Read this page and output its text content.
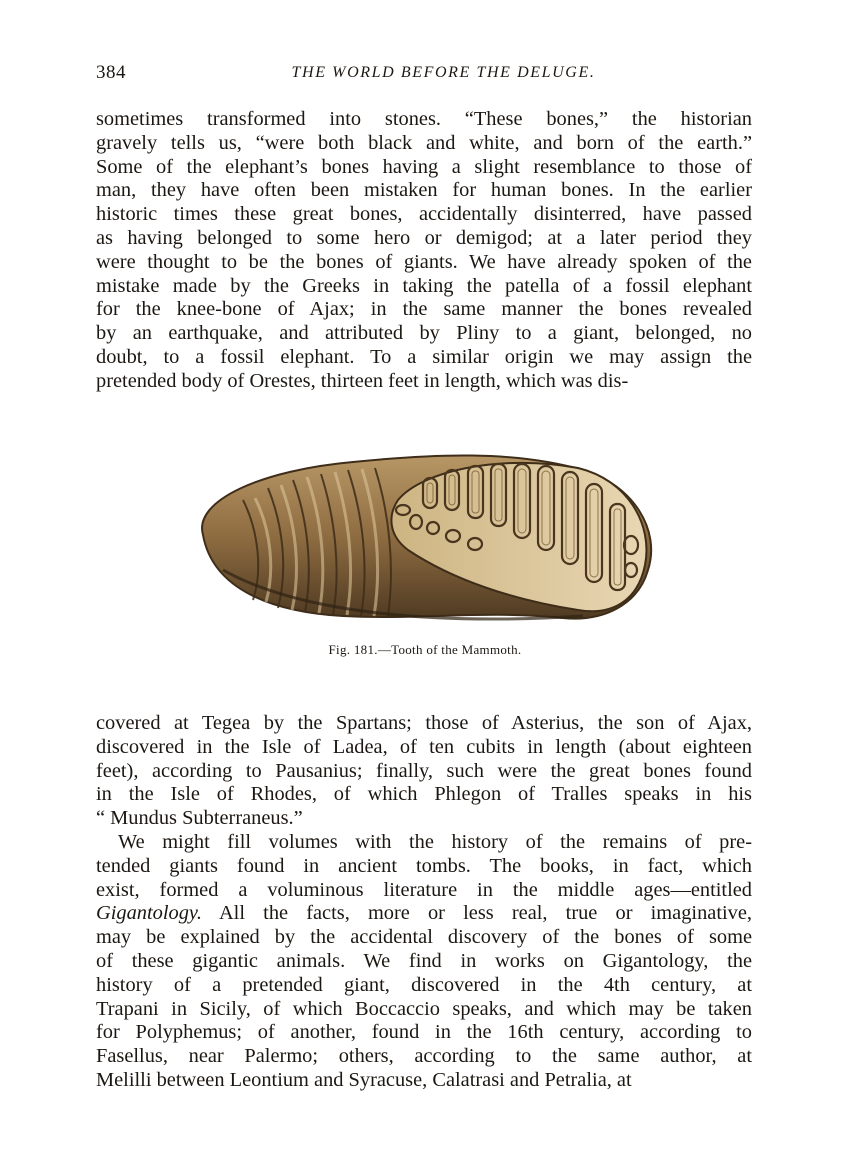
384	THE WORLD BEFORE THE DELUGE.

sometimes transformed into stones. “These bones,” the historian
gravely tells us, “were both black and white, and born of the earth.”
Some of the elephant’s bones having a slight resemblance to those of
man, they have often been mistaken for human bones. In the earlier
historic times these great bones, accidentally disinterred, have passed
as having belonged to some hero or demigod; at a later period they
were thought to be the bones of giants. We have already spoken of the
mistake made by the Greeks in taking the patella of a fossil elephant
for the knee-bone of Ajax; in the same manner the bones revealed
by an earthquake, and attributed by Pliny to a giant, belonged, no
doubt, to a fossil elephant. To a similar origin we may assign the
pretended body of Orestes, thirteen feet in length, which was dis-

Fig. 181.—Tooth of the Mammoth.

covered at Tegea by the Spartans; those of Asterius, the son of Ajax,
discovered in the Isle of Ladea, of ten cubits in length (about eighteen
feet), according to Pausanius; finally, such were the great bones found
in the Isle of Rhodes, of which Phlegon of Tralles speaks in his
“ Mundus Subterraneus.”

We might fill volumes with the history of the remains of pre-
tended giants found in ancient tombs. The books, in fact, which
exist, formed a voluminous literature in the middle ages—entitled
Gigantology. All the facts, more or less real, true or imaginative,
may be explained by the accidental discovery of the bones of some
of these gigantic animals. We find in works on Gigantology, the
history of a pretended giant, discovered in the 4th century, at
Trapani in Sicily, of which Boccaccio speaks, and which may be taken
for Polyphemus; of another, found in the 16th century, according to
Fasellus, near Palermo; others, according to the same author, at
Melilli between Leontium and Syracuse, Calatrasi and Petralia, at
